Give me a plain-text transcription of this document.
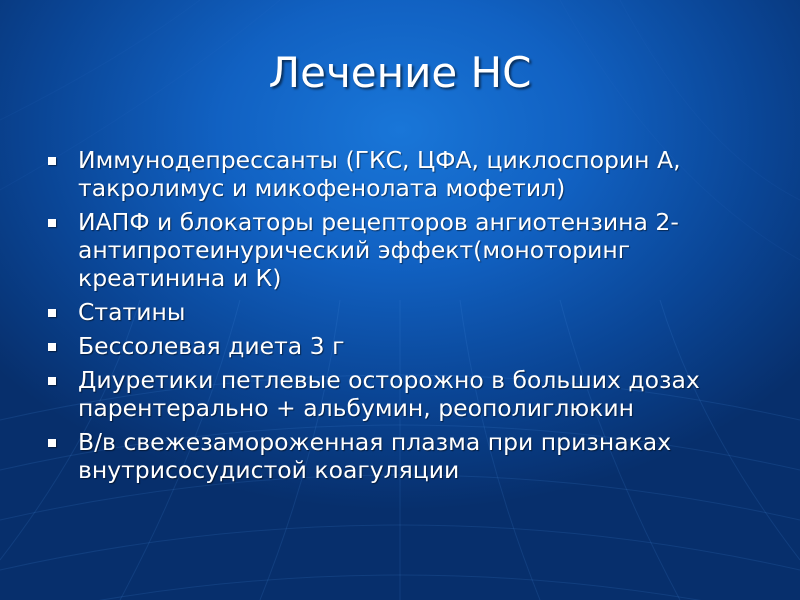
Лечение НС
Иммунодепрессанты (ГКС, ЦФА, циклоспорин А, такролимус и микофенолата мофетил)
ИАПФ и блокаторы рецепторов ангиотензина 2- антипротеинурический эффект(моноторинг креатинина и К)
Статины
Бессолевая диета 3 г
Диуретики петлевые осторожно в больших дозах парентерально + альбумин, реополиглюкин
В/в свежезамороженная плазма при признаках внутрисосудистой коагуляции
